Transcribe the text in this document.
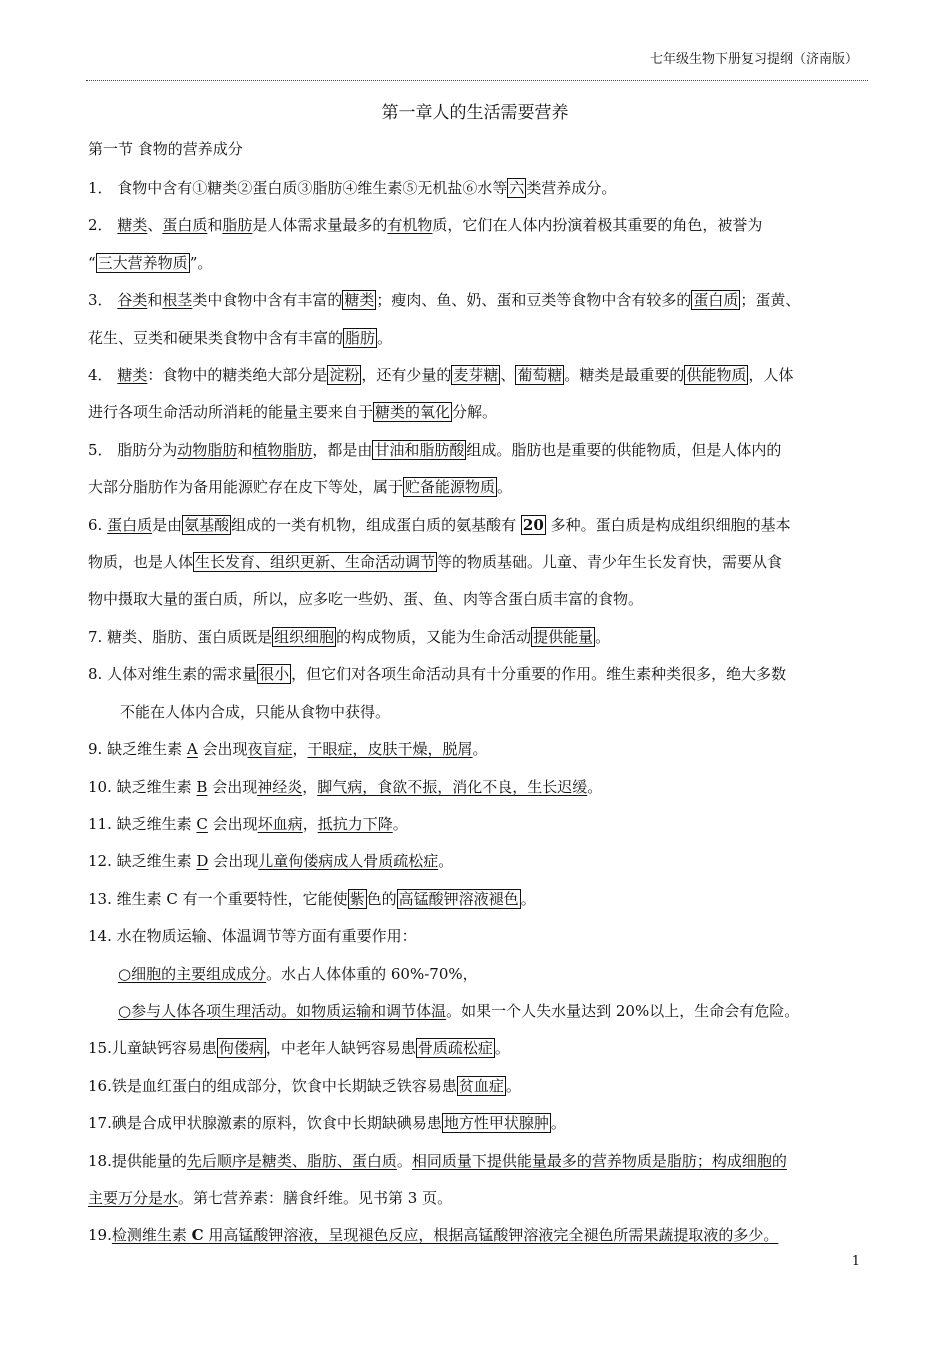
七年级生物下册复习提纲（济南版）
第一章人的生活需要营养
第一节 食物的营养成分
1． 食物中含有①糖类②蛋白质③脂肪④维生素⑤无机盐⑥水等 六 类营养成分。
2． 糖类、蛋白质和脂肪是人体需求量最多的有机物质，它们在人体内扮演着极其重要的角色，被誉为
“ 三大营养物质 ”。
3． 谷类和根茎类中食物中含有丰富的 糖类 ；瘦肉、鱼、奶、蛋和豆类等食物中含有较多的 蛋白质 ；蛋黄、
花生、豆类和硬果类食物中含有丰富的 脂肪 。
4． 糖类：食物中的糖类绝大部分是 淀粉 ，还有少量的 麦芽糖 、 葡萄糖 。糖类是最重要的 供能物质 ，人体
进行各项生命活动所消耗的能量主要来自于 糖类的氧化 分解。
5． 脂肪分为动物脂肪和植物脂肪，都是由 甘油和脂肪酸 组成。脂肪也是重要的供能物质，但是人体内的
大部分脂肪作为备用能源贮存在皮下等处，属于 贮备能源物质 。
6. 蛋白质是由 氨基酸 组成的一类有机物，组成蛋白质的氨基酸有 20 多种。蛋白质是构成组织细胞的基本
物质，也是人体 生长发育、组织更新、生命活动调节 等的物质基础。儿童、青少年生长发育快，需要从食
物中摄取大量的蛋白质，所以，应多吃一些奶、蛋、鱼、肉等含蛋白质丰富的食物。
7. 糖类、脂肪、蛋白质既是 组织细胞 的构成物质，又能为生命活动 提供能量 。
8. 人体对维生素的需求量 很小 ，但它们对各项生命活动具有十分重要的作用。维生素种类很多，绝大多数
不能在人体内合成，只能从食物中获得。
9. 缺乏维生素 A 会出现夜盲症，干眼症，皮肤干燥，脱屑。
10. 缺乏维生素 B 会出现神经炎，脚气病，食欲不振，消化不良，生长迟缓。
11. 缺乏维生素 C 会出现坏血病，抵抗力下降。
12. 缺乏维生素 D 会出现儿童佝偻病成人骨质疏松症。
13. 维生素 C 有一个重要特性，它能使 紫 色的 高锰酸钾溶液褪色 。
14. 水在物质运输、体温调节等方面有重要作用：
○细胞的主要组成成分。水占人体体重的 60%-70%，
○参与人体各项生理活动。如物质运输和调节体温。如果一个人失水量达到 20%以上，生命会有危险。
15.儿童缺钙容易患 佝偻病 ，中老年人缺钙容易患 骨质疏松症 。
16.铁是血红蛋白的组成部分，饮食中长期缺乏铁容易患 贫血症 。
17.碘是合成甲状腺激素的原料，饮食中长期缺碘易患 地方性甲状腺肿 。
18.提供能量的先后顺序是糖类、脂肪、蛋白质。相同质量下提供能量最多的营养物质是脂肪；构成细胞的
主要万分是水。第七营养素：膳食纤维。见书第 3 页。
19.检测维生素 C 用高锰酸钾溶液，呈现褪色反应，根据高锰酸钾溶液完全褪色所需果蔬提取液的多少。
1
